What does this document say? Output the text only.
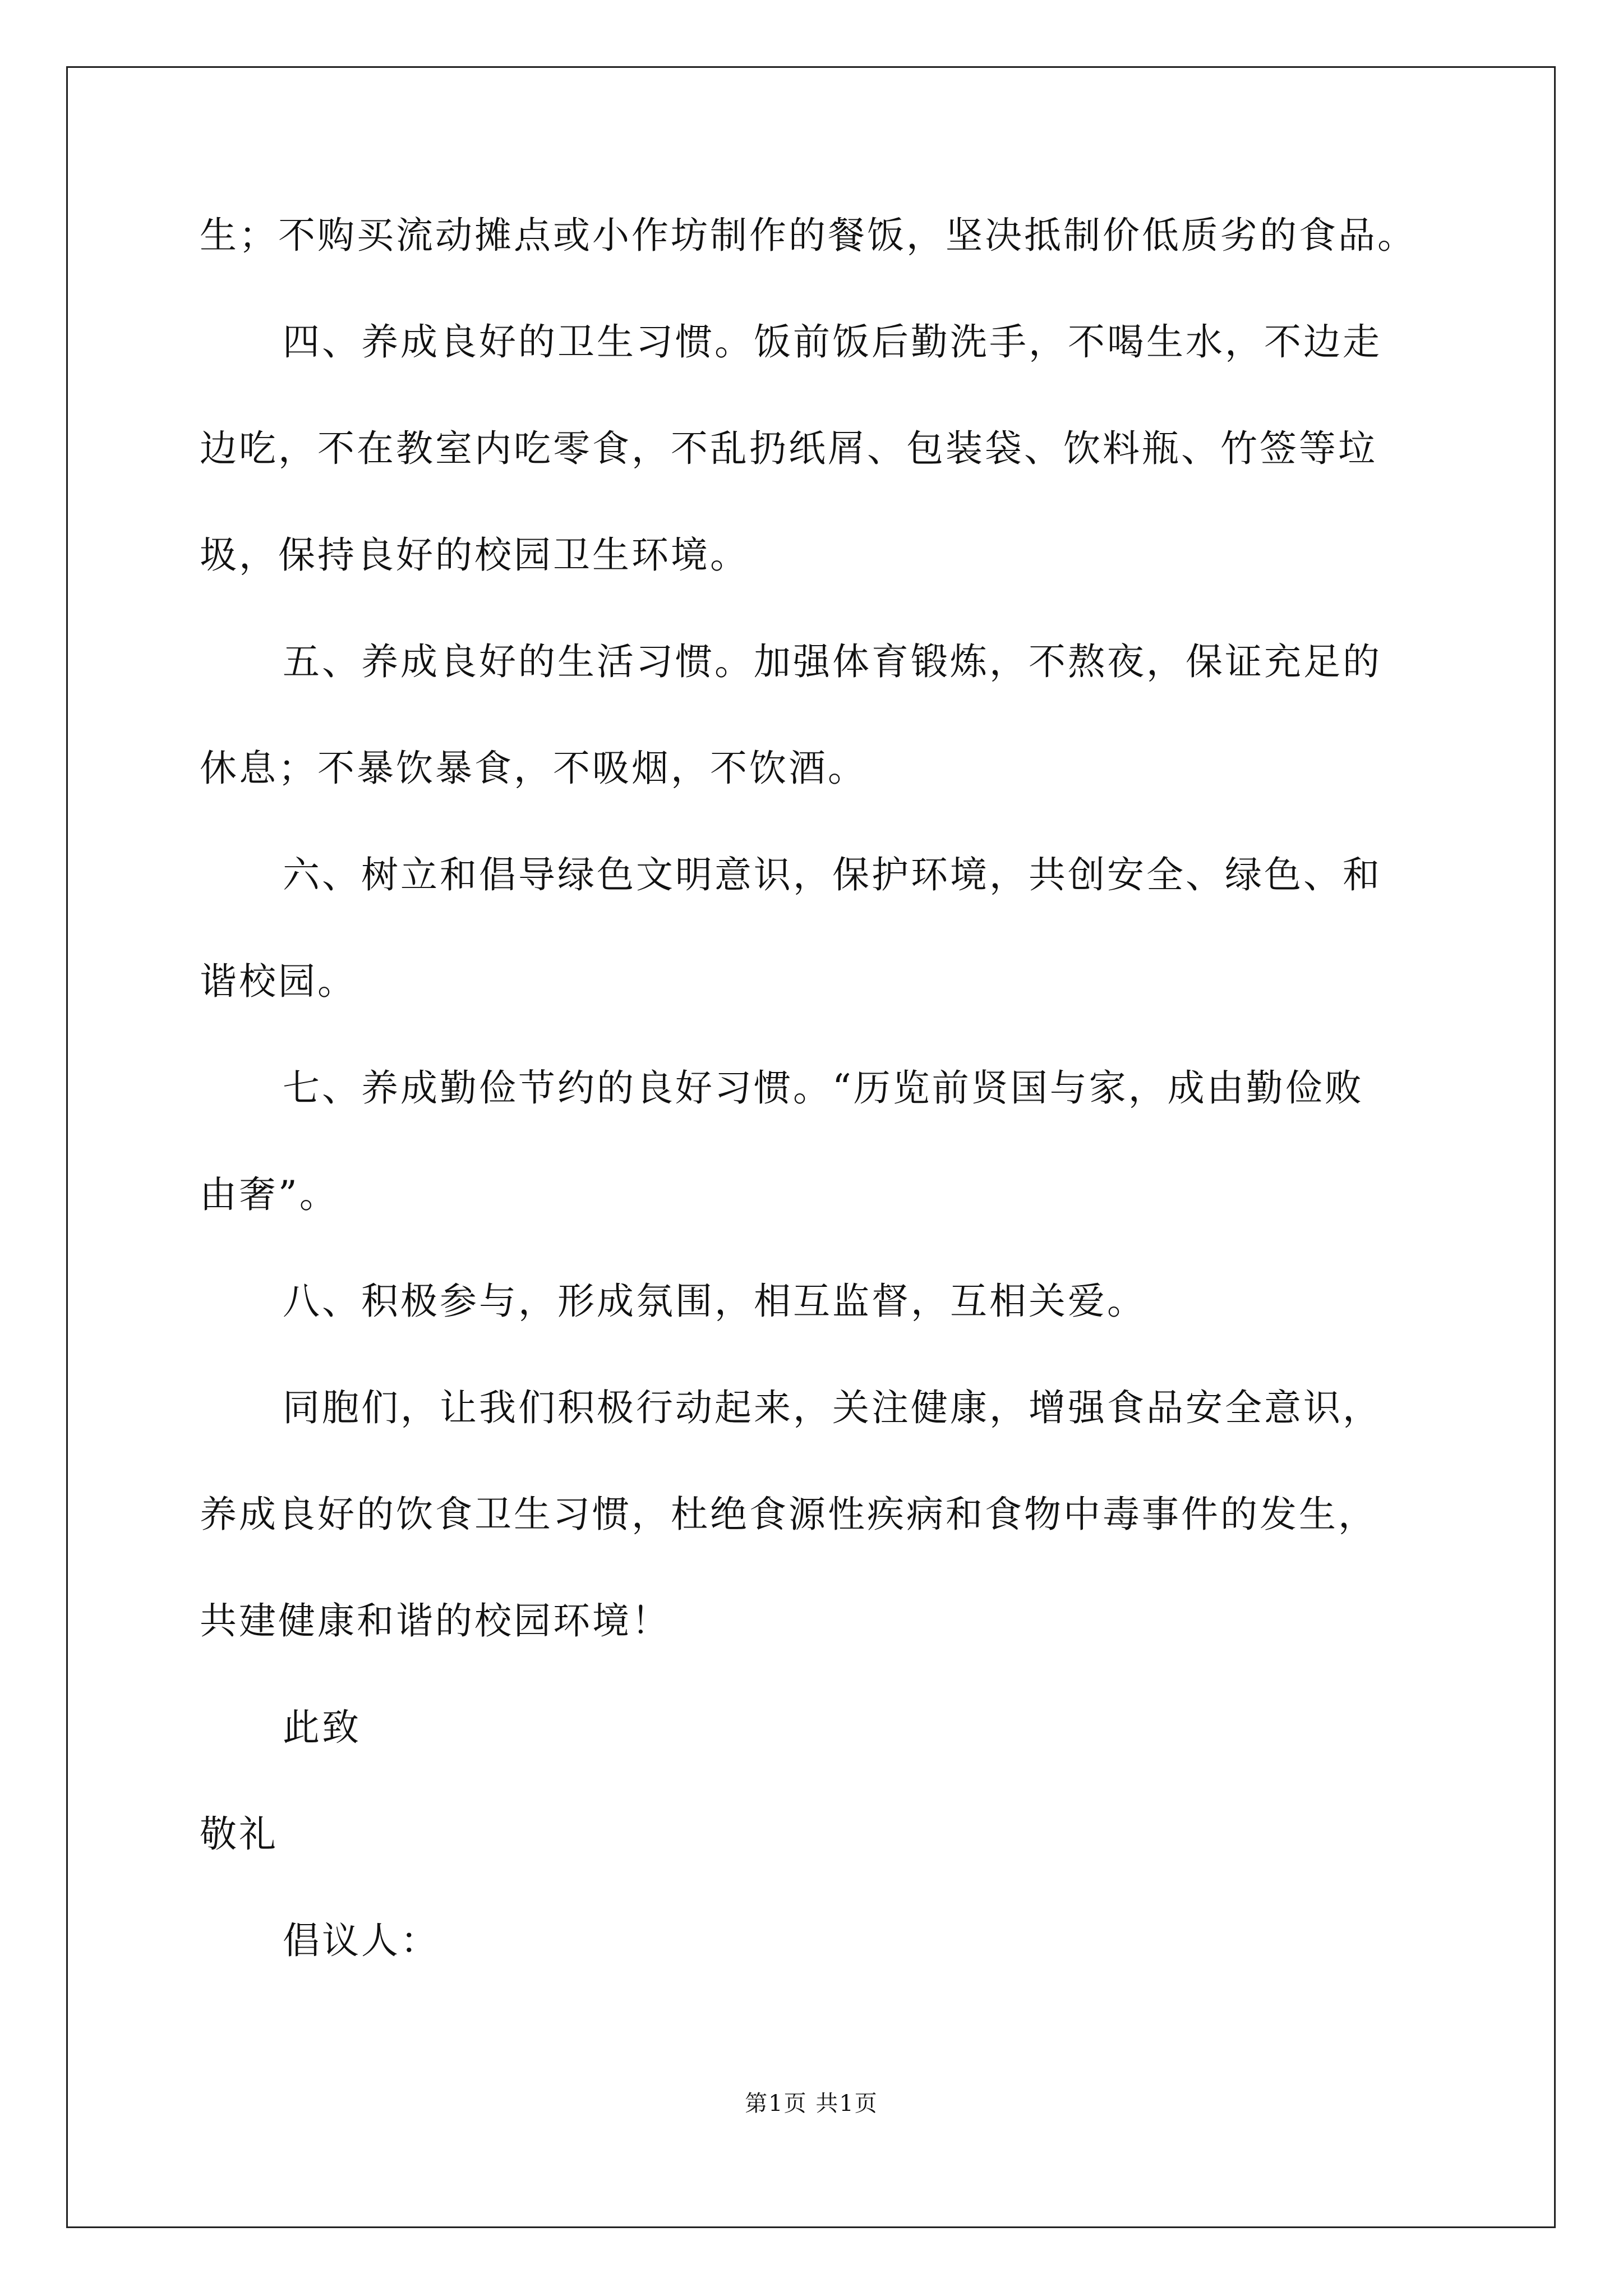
生；不购买流动摊点或小作坊制作的餐饭，坚决抵制价低质劣的食品。
四、养成良好的卫生习惯。饭前饭后勤洗手，不喝生水，不边走
边吃，不在教室内吃零食，不乱扔纸屑、包装袋、饮料瓶、竹签等垃
圾，保持良好的校园卫生环境。
五、养成良好的生活习惯。加强体育锻炼，不熬夜，保证充足的
休息；不暴饮暴食，不吸烟，不饮酒。
六、树立和倡导绿色文明意识，保护环境，共创安全、绿色、和
谐校园。
七、养成勤俭节约的良好习惯。“历览前贤国与家，成由勤俭败
由奢”。
八、积极参与，形成氛围，相互监督，互相关爱。
同胞们，让我们积极行动起来，关注健康，增强食品安全意识，
养成良好的饮食卫生习惯，杜绝食源性疾病和食物中毒事件的发生，
共建健康和谐的校园环境！
此致
敬礼
倡议人：
第1页 共1页
